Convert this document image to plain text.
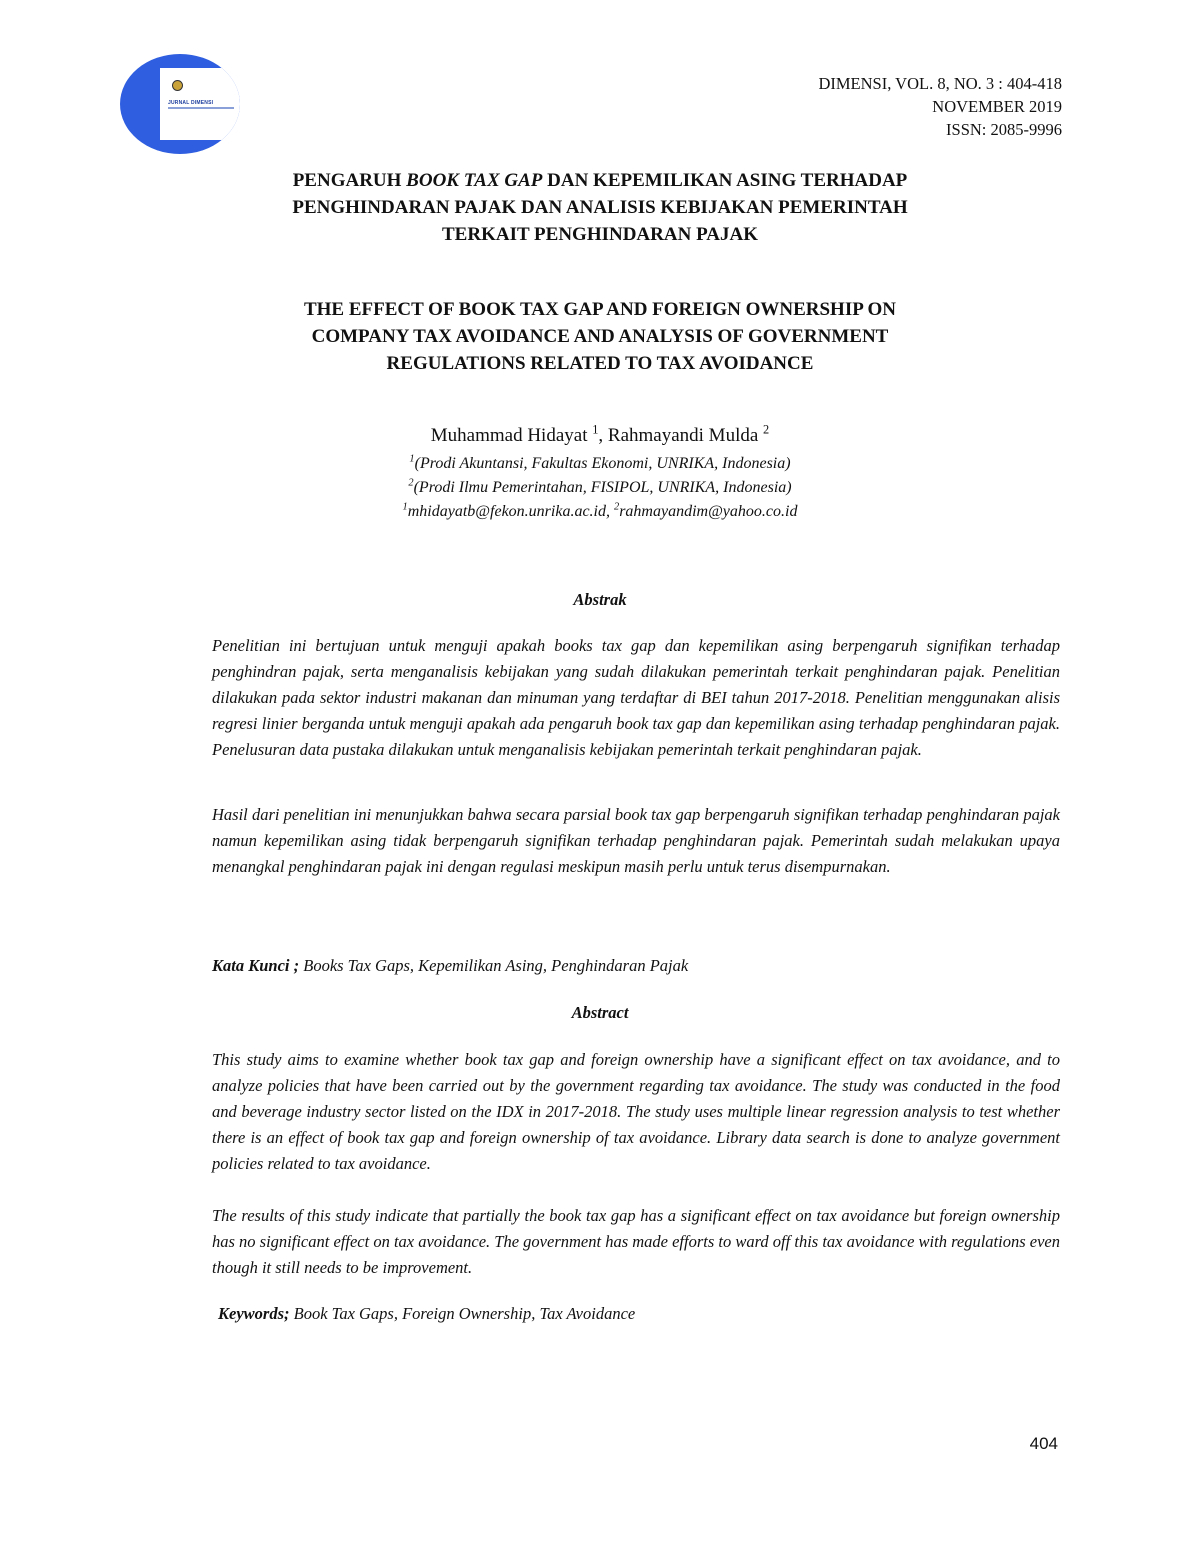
JURNAL DIMENSI
DIMENSI, VOL. 8, NO. 3 : 404-418
NOVEMBER 2019
ISSN: 2085-9996
PENGARUH BOOK TAX GAP DAN KEPEMILIKAN ASING TERHADAP
PENGHINDARAN PAJAK DAN ANALISIS KEBIJAKAN PEMERINTAH
TERKAIT PENGHINDARAN PAJAK
THE EFFECT OF BOOK TAX GAP AND FOREIGN OWNERSHIP ON
COMPANY TAX AVOIDANCE AND ANALYSIS OF GOVERNMENT
REGULATIONS RELATED TO TAX AVOIDANCE
Muhammad Hidayat $^1$, Rahmayandi Mulda $^2$
$^1$(Prodi Akuntansi, Fakultas Ekonomi, UNRIKA, Indonesia)
$^2$(Prodi Ilmu Pemerintahan, FISIPOL, UNRIKA, Indonesia)
$^1$mhidayatb@fekon.unrika.ac.id, $^2$rahmayandim@yahoo.co.id
Abstrak

Penelitian ini bertujuan untuk menguji apakah books tax gap dan kepemilikan asing berpengaruh signifikan terhadap penghindran pajak, serta menganalisis kebijakan yang sudah dilakukan pemerintah terkait penghindaran pajak. Penelitian dilakukan pada sektor industri makanan dan minuman yang terdaftar di BEI tahun 2017-2018. Penelitian menggunakan alisis regresi linier berganda untuk menguji apakah ada pengaruh book tax gap dan kepemilikan asing terhadap penghindaran pajak. Penelusuran data pustaka dilakukan untuk menganalisis kebijakan pemerintah terkait penghindaran pajak.

Hasil dari penelitian ini menunjukkan bahwa secara parsial book tax gap berpengaruh signifikan terhadap penghindaran pajak namun kepemilikan asing tidak berpengaruh signifikan terhadap penghindaran pajak. Pemerintah sudah melakukan upaya menangkal penghindaran pajak ini dengan regulasi meskipun masih perlu untuk terus disempurnakan.

Kata Kunci ; Books Tax Gaps, Kepemilikan Asing, Penghindaran Pajak

Abstract

This study aims to examine whether book tax gap and foreign ownership have a significant effect on tax avoidance, and to analyze policies that have been carried out by the government regarding tax avoidance. The study was conducted in the food and beverage industry sector listed on the IDX in 2017-2018. The study uses multiple linear regression analysis to test whether there is an effect of book tax gap and foreign ownership of tax avoidance. Library data search is done to analyze government policies related to tax avoidance.

The results of this study indicate that partially the book tax gap has a significant effect on tax avoidance but foreign ownership has no significant effect on tax avoidance. The government has made efforts to ward off this tax avoidance with regulations even though it still needs to be improvement.

Keywords; Book Tax Gaps, Foreign Ownership, Tax Avoidance

404
